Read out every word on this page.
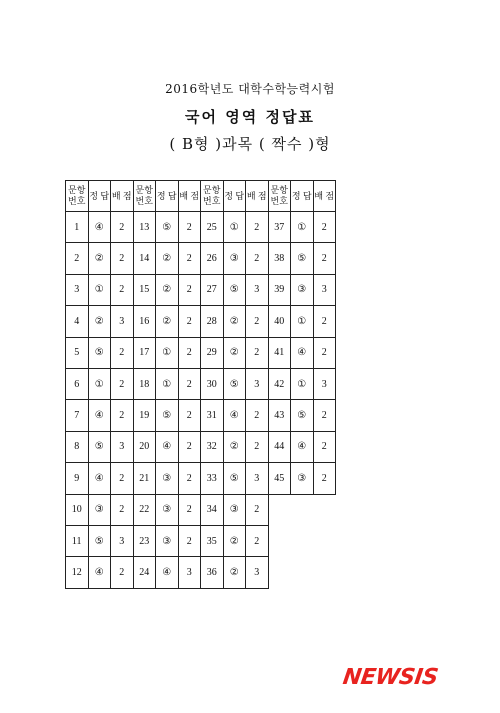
2016학년도 대학수학능력시험
국어 영역 정답표
( B형 )과목 ( 짝수 )형
문항
번호	정 답	배 점	문항
번호	정 답	배 점	문항
번호	정 답	배 점	문항
번호	정 답	배 점
1	④	2	13	⑤	2	25	①	2	37	①	2
2	②	2	14	②	2	26	③	2	38	⑤	2
3	①	2	15	②	2	27	⑤	3	39	③	3
4	②	3	16	②	2	28	②	2	40	①	2
5	⑤	2	17	①	2	29	②	2	41	④	2
6	①	2	18	①	2	30	⑤	3	42	①	3
7	④	2	19	⑤	2	31	④	2	43	⑤	2
8	⑤	3	20	④	2	32	②	2	44	④	2
9	④	2	21	③	2	33	⑤	3	45	③	2
10	③	2	22	③	2	34	③	2			
11	⑤	3	23	③	2	35	②	2			
12	④	2	24	④	3	36	②	3			
NEWSIS
